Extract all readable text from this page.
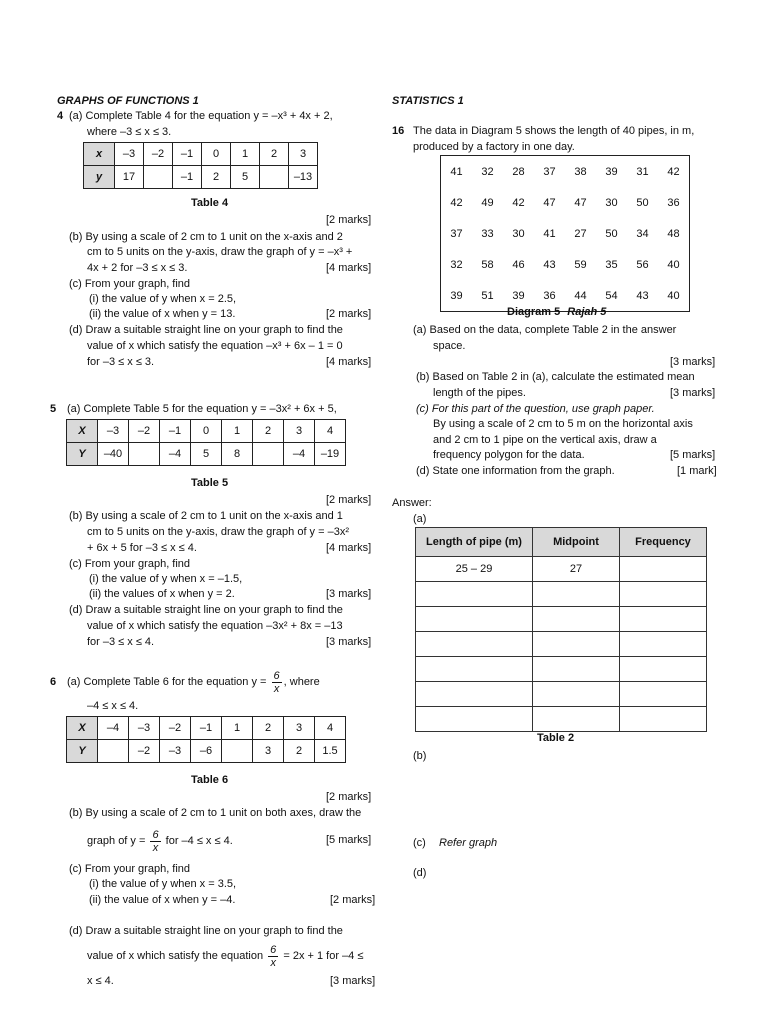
GRAPHS OF FUNCTIONS 1
4 (a) Complete Table 4 for the equation y = –x³ + 4x + 2,
where –3 ≤ x ≤ 3.
x	–3	–2	–1	0	1	2	3
y	17		–1	2	5		–13
Table 4
[2 marks]
(b) By using a scale of 2 cm to 1 unit on the x-axis and 2
cm to 5 units on the y-axis, draw the graph of y = –x³ +
4x + 2 for –3 ≤ x ≤ 3.	[4 marks]
(c) From your graph, find
(i) the value of y when x = 2.5,
(ii) the value of x when y = 13.	[2 marks]
(d) Draw a suitable straight line on your graph to find the
value of x which satisfy the equation –x³ + 6x – 1 = 0
for –3 ≤ x ≤ 3.	[4 marks]
5 (a) Complete Table 5 for the equation y = –3x² + 6x + 5,
X	–3	–2	–1	0	1	2	3	4
Y	–40		–4	5	8		–4	–19
Table 5
[2 marks]
(b) By using a scale of 2 cm to 1 unit on the x-axis and 1
cm to 5 units on the y-axis, draw the graph of y = –3x²
+ 6x + 5 for –3 ≤ x ≤ 4.	[4 marks]
(c) From your graph, find
(i) the value of y when x = –1.5,
(ii) the values of x when y = 2.	[3 marks]
(d) Draw a suitable straight line on your graph to find the
value of x which satisfy the equation –3x² + 8x = –13
for –3 ≤ x ≤ 4.	[3 marks]
6 (a) Complete Table 6 for the equation $y = \frac{6}{x}$ , where
–4 ≤ x ≤ 4.
X	–4	–3	–2	–1	1	2	3	4
Y		–2	–3	–6		3	2	1.5
Table 6
[2 marks]
(b) By using a scale of 2 cm to 1 unit on both axes, draw the
graph of $y = \frac{6}{x}$ for –4 ≤ x ≤ 4.	[5 marks]
(c) From your graph, find
(i) the value of y when x = 3.5,
(ii) the value of x when y = –4.	[2 marks]
(d) Draw a suitable straight line on your graph to find the
value of x which satisfy the equation $\frac{6}{x} = 2x + 1$ for –4 ≤
x ≤ 4.	[3 marks]
STATISTICS 1
16 The data in Diagram 5 shows the length of 40 pipes, in m,
produced by a factory in one day.
41	32	28	37	38	39	31	42
42	49	42	47	47	30	50	36
37	33	30	41	27	50	34	48
32	58	46	43	59	35	56	40
39	51	39	36	44	54	43	40
Diagram 5 Rajah 5
(a) Based on the data, complete Table 2 in the answer
space.
[3 marks]
(b) Based on Table 2 in (a), calculate the estimated mean
length of the pipes.	[3 marks]
(c) For this part of the question, use graph paper.
By using a scale of 2 cm to 5 m on the horizontal axis
and 2 cm to 1 pipe on the vertical axis, draw a
frequency polygon for the data.	[5 marks]
(d) State one information from the graph.	[1 mark]
Answer:
(a)
Length of pipe (m)	Midpoint	Frequency
25 – 29	27	

Table 2
(b)
(c) Refer graph
(d)
